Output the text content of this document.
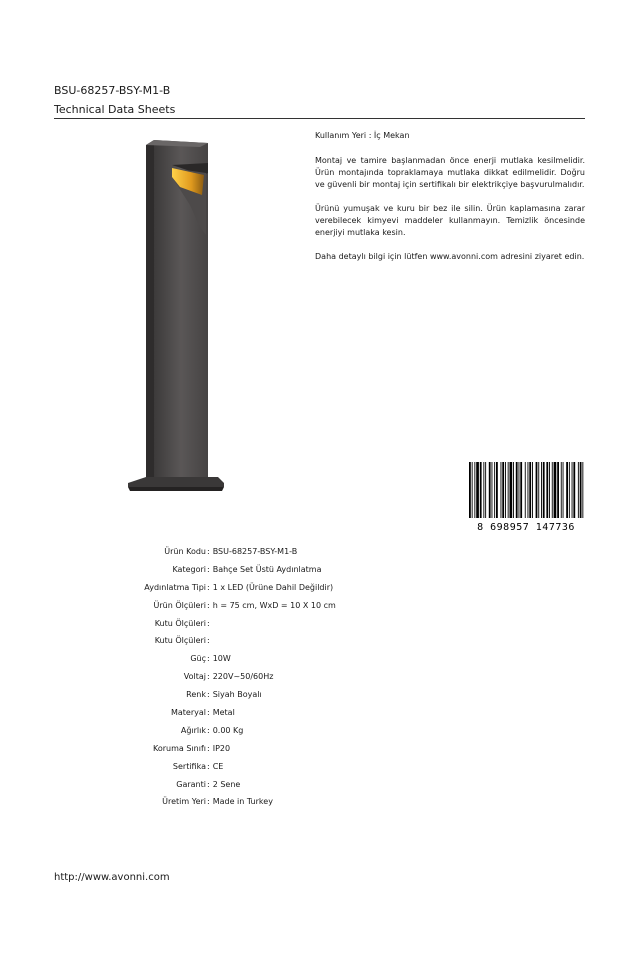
BSU-68257-BSY-M1-B
Technical Data Sheets

Kullanım Yeri : İç Mekan

Montaj ve tamire başlanmadan önce enerji mutlaka kesilmelidir. Ürün montajında topraklamaya mutlaka dikkat edilmelidir. Doğru ve güvenli bir montaj için sertifikalı bir elektrikçiye başvurulmalıdır.

Ürünü yumuşak ve kuru bir bez ile silin. Ürün kaplamasına zarar verebilecek kimyevi maddeler kullanmayın. Temizlik öncesinde enerjiyi mutlaka kesin.

Daha detaylı bilgi için lütfen www.avonni.com adresini ziyaret edin.

8 698957 147736
Ürün Kodu : BSU-68257-BSY-M1-B
Kategori : Bahçe Set Üstü Aydınlatma
Aydınlatma Tipi : 1 x LED (Ürüne Dahil Değildir)
Ürün Ölçüleri : h = 75 cm, WxD = 10 X 10 cm
Kutu Ölçüleri :
Kutu Ölçüleri :
Güç : 10W
Voltaj : 220V~50/60Hz
Renk : Siyah Boyalı
Materyal : Metal
Ağırlık : 0.00 Kg
Koruma Sınıfı : IP20
Sertifika : CE
Garanti : 2 Sene
Üretim Yeri : Made in Turkey
http://www.avonni.com
